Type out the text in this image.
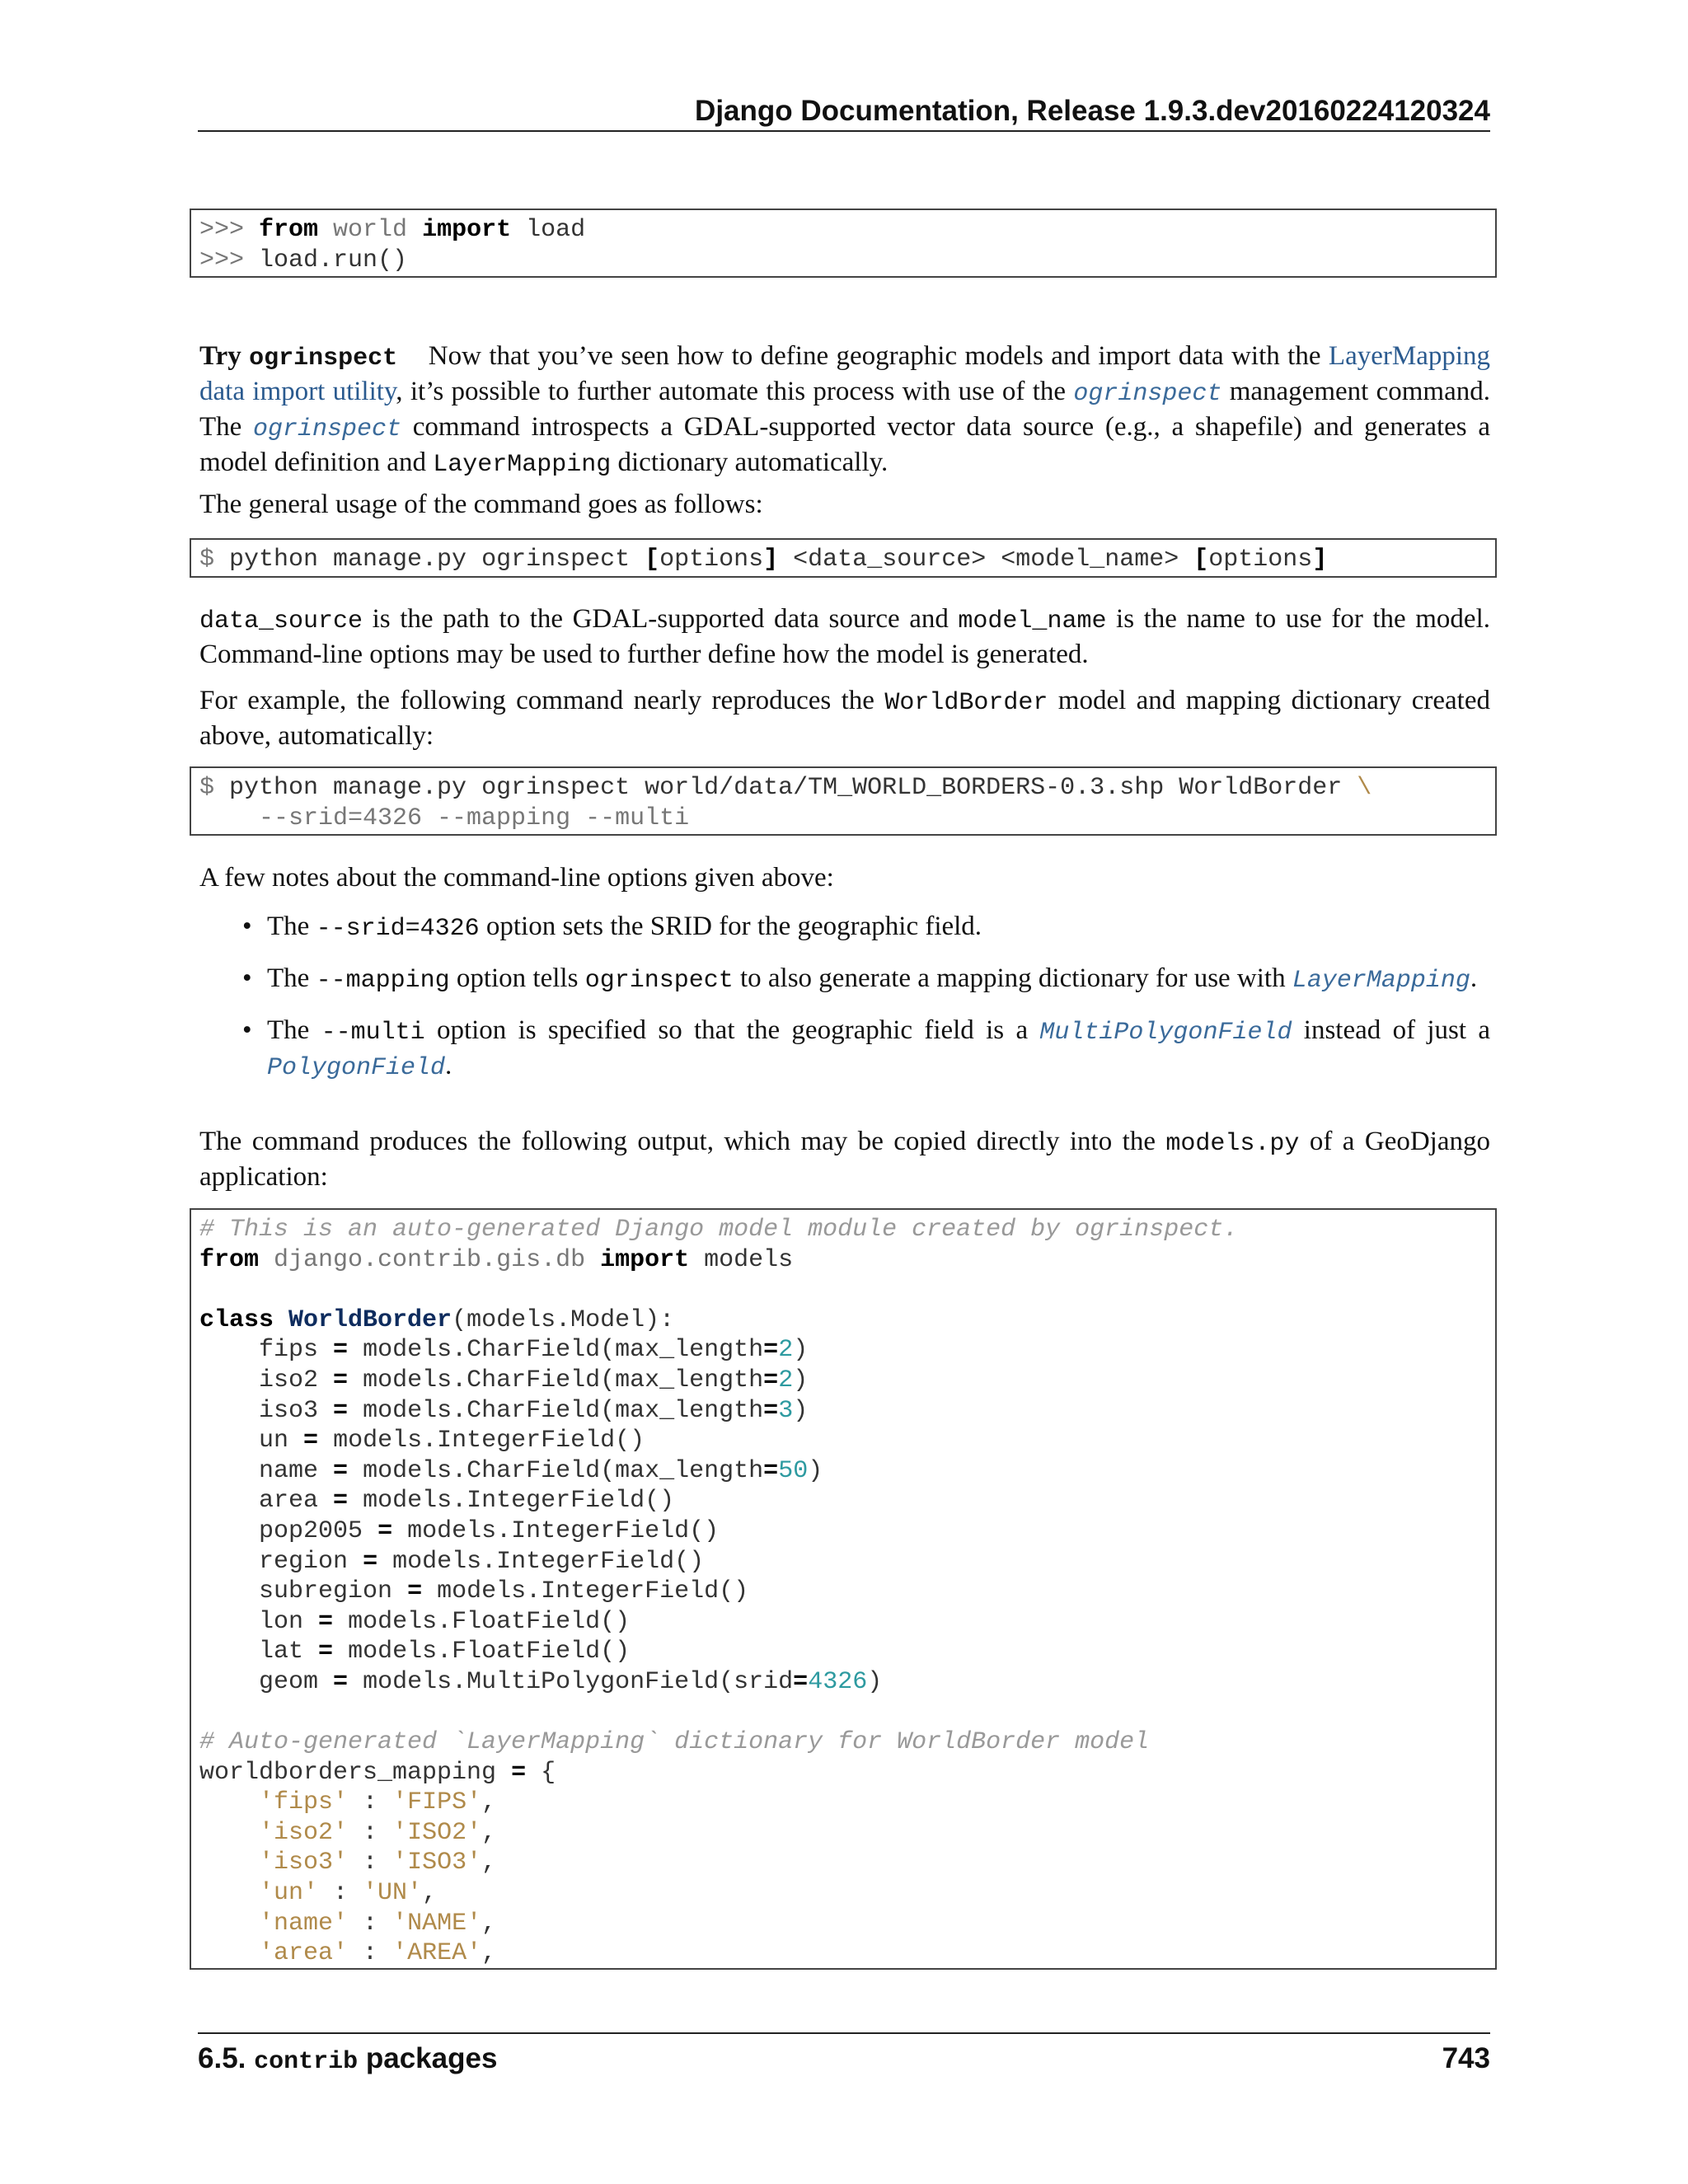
Django Documentation, Release 1.9.3.dev20160224120324
>>> from world import load
>>> load.run()

Try ogrinspect Now that you’ve seen how to define geographic models and import data with the LayerMapping data import utility, it’s possible to further automate this process with use of the ogrinspect management command. The ogrinspect command introspects a GDAL-supported vector data source (e.g., a shapefile) and generates a model definition and LayerMapping dictionary automatically.

The general usage of the command goes as follows:

$ python manage.py ogrinspect [options] <data_source> <model_name> [options]

data_source is the path to the GDAL-supported data source and model_name is the name to use for the model. Command-line options may be used to further define how the model is generated.

For example, the following command nearly reproduces the WorldBorder model and mapping dictionary created above, automatically:

$ python manage.py ogrinspect world/data/TM_WORLD_BORDERS-0.3.shp WorldBorder \
--srid=4326 --mapping --multi

A few notes about the command-line options given above:

• The --srid=4326 option sets the SRID for the geographic field.
• The --mapping option tells ogrinspect to also generate a mapping dictionary for use with LayerMapping.
• The --multi option is specified so that the geographic field is a MultiPolygonField instead of just a PolygonField.

The command produces the following output, which may be copied directly into the models.py of a GeoDjango application:

# This is an auto-generated Django model module created by ogrinspect.
from django.contrib.gis.db import models

class WorldBorder(models.Model):
fips = models.CharField(max_length=2)
iso2 = models.CharField(max_length=2)
iso3 = models.CharField(max_length=3)
un = models.IntegerField()
name = models.CharField(max_length=50)
area = models.IntegerField()
pop2005 = models.IntegerField()
region = models.IntegerField()
subregion = models.IntegerField()
lon = models.FloatField()
lat = models.FloatField()
geom = models.MultiPolygonField(srid=4326)

# Auto-generated `LayerMapping` dictionary for WorldBorder model
worldborders_mapping = {
'fips' : 'FIPS',
'iso2' : 'ISO2',
'iso3' : 'ISO3',
'un' : 'UN',
'name' : 'NAME',
'area' : 'AREA',
6.5. contrib packages	743
